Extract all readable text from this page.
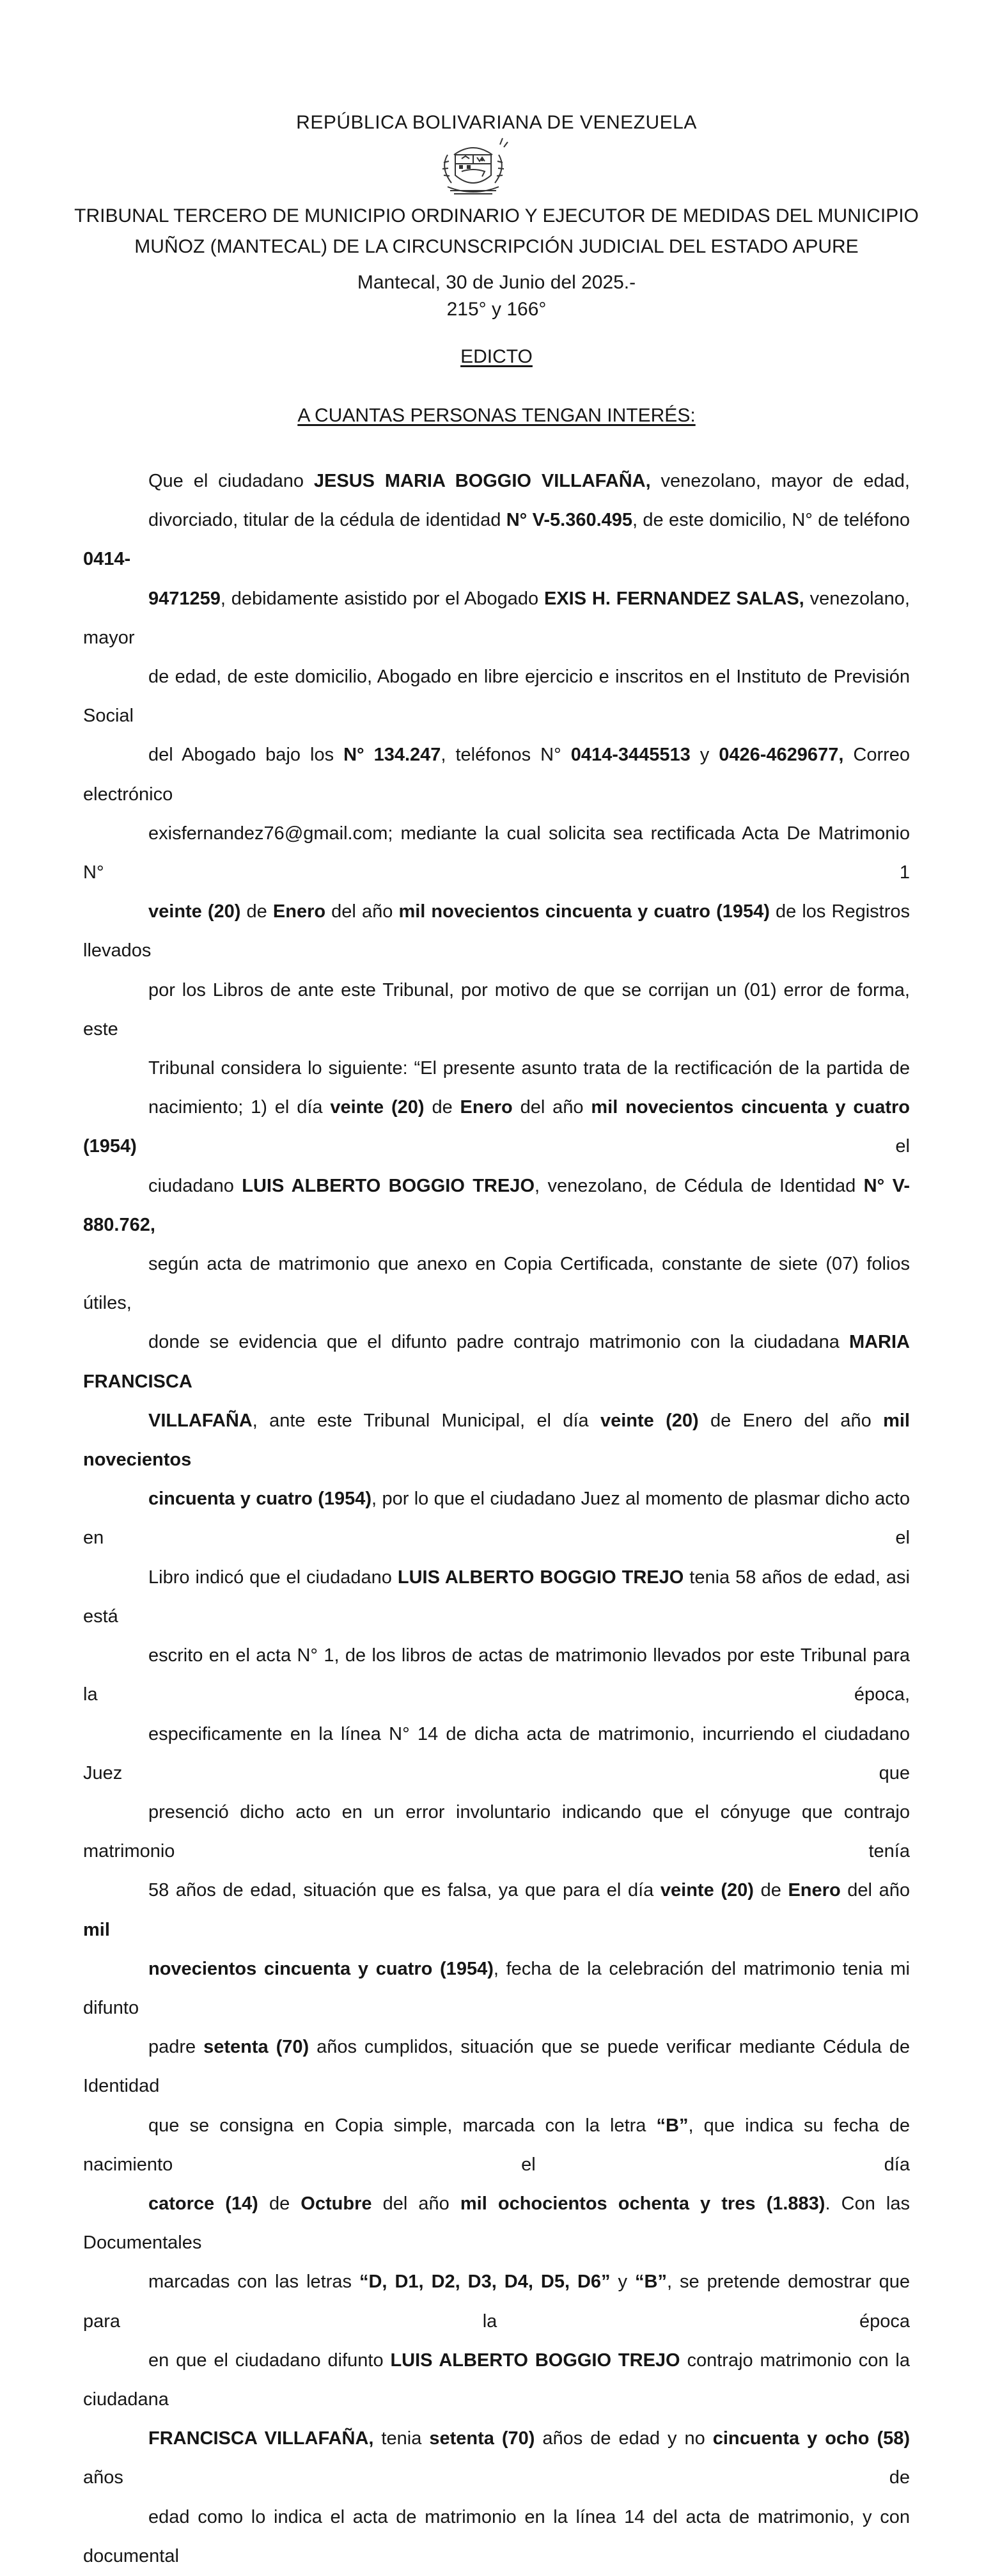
REPÚBLICA BOLIVARIANA DE VENEZUELA
TRIBUNAL TERCERO DE MUNICIPIO ORDINARIO Y EJECUTOR DE MEDIDAS DEL MUNICIPIO
MUÑOZ (MANTECAL) DE LA CIRCUNSCRIPCIÓN JUDICIAL DEL ESTADO APURE
Mantecal, 30 de Junio del 2025.-
215° y 166°
EDICTO
A CUANTAS PERSONAS TENGAN INTERÉS:

Que el ciudadano JESUS MARIA BOGGIO VILLAFAÑA, venezolano, mayor de edad,
divorciado, titular de la cédula de identidad N° V-5.360.495, de este domicilio, N° de teléfono 0414-
9471259, debidamente asistido por el Abogado EXIS H. FERNANDEZ SALAS, venezolano, mayor
de edad, de este domicilio, Abogado en libre ejercicio e inscritos en el Instituto de Previsión Social
del Abogado bajo los N° 134.247, teléfonos N° 0414-3445513 y 0426-4629677, Correo electrónico
exisfernandez76@gmail.com; mediante la cual solicita sea rectificada Acta De Matrimonio N° 1
veinte (20) de Enero del año mil novecientos cincuenta y cuatro (1954) de los Registros llevados
por los Libros de ante este Tribunal, por motivo de que se corrijan un (01) error de forma, este
Tribunal considera lo siguiente: “El presente asunto trata de la rectificación de la partida de
nacimiento; 1) el día veinte (20) de Enero del año mil novecientos cincuenta y cuatro (1954) el
ciudadano LUIS ALBERTO BOGGIO TREJO, venezolano, de Cédula de Identidad N° V-880.762,
según acta de matrimonio que anexo en Copia Certificada, constante de siete (07) folios útiles,
donde se evidencia que el difunto padre contrajo matrimonio con la ciudadana MARIA FRANCISCA
VILLAFAÑA, ante este Tribunal Municipal, el día veinte (20) de Enero del año mil novecientos
cincuenta y cuatro (1954), por lo que el ciudadano Juez al momento de plasmar dicho acto en el
Libro indicó que el ciudadano LUIS ALBERTO BOGGIO TREJO tenia 58 años de edad, asi está
escrito en el acta N° 1, de los libros de actas de matrimonio llevados por este Tribunal para la época,
especificamente en la línea N° 14 de dicha acta de matrimonio, incurriendo el ciudadano Juez que
presenció dicho acto en un error involuntario indicando que el cónyuge que contrajo matrimonio tenía
58 años de edad, situación que es falsa, ya que para el día veinte (20) de Enero del año mil
novecientos cincuenta y cuatro (1954), fecha de la celebración del matrimonio tenia mi difunto
padre setenta (70) años cumplidos, situación que se puede verificar mediante Cédula de Identidad
que se consigna en Copia simple, marcada con la letra “B”, que indica su fecha de nacimiento el día
catorce (14) de Octubre del año mil ochocientos ochenta y tres (1.883). Con las Documentales
marcadas con las letras “D, D1, D2, D3, D4, D5, D6” y “B”, se pretende demostrar que para la época
en que el ciudadano difunto LUIS ALBERTO BOGGIO TREJO contrajo matrimonio con la ciudadana
FRANCISCA VILLAFAÑA, tenia setenta (70) años de edad y no cincuenta y ocho (58) años de
edad como lo indica el acta de matrimonio en la línea 14 del acta de matrimonio, y con documental
